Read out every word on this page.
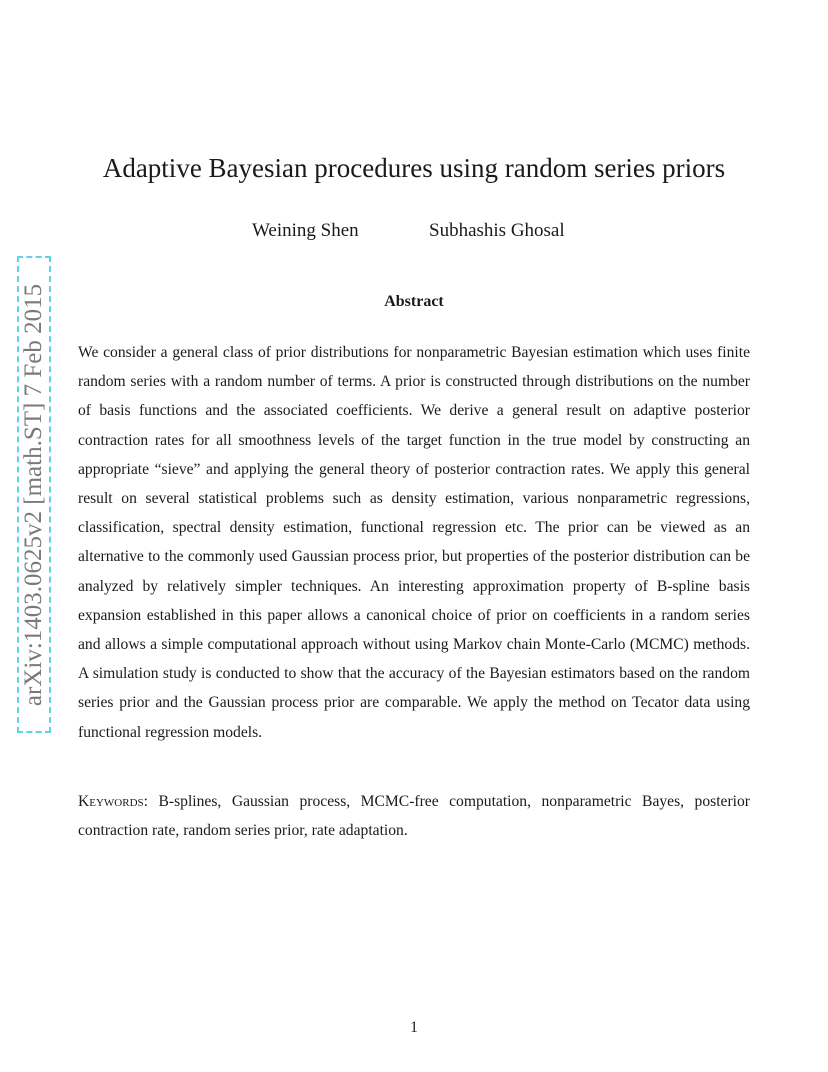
arXiv:1403.0625v2 [math.ST] 7 Feb 2015
Adaptive Bayesian procedures using random series priors
Weining Shen	Subhashis Ghosal
Abstract

We consider a general class of prior distributions for nonparametric Bayesian estimation which uses finite random series with a random number of terms. A prior is constructed through distributions on the number of basis functions and the associated coefficients. We derive a general result on adaptive posterior contraction rates for all smoothness levels of the target function in the true model by constructing an appropriate “sieve” and applying the general theory of posterior contraction rates. We apply this general result on several statistical problems such as density estimation, various nonparametric regressions, classification, spectral density estimation, functional regression etc. The prior can be viewed as an alternative to the commonly used Gaussian process prior, but properties of the posterior distribution can be analyzed by relatively simpler techniques. An interesting approximation property of B-spline basis expansion established in this paper allows a canonical choice of prior on coefficients in a random series and allows a simple computational approach without using Markov chain Monte-Carlo (MCMC) methods. A simulation study is conducted to show that the accuracy of the Bayesian estimators based on the random series prior and the Gaussian process prior are comparable. We apply the method on Tecator data using functional regression models.

Keywords: B-splines, Gaussian process, MCMC-free computation, nonparametric Bayes, posterior contraction rate, random series prior, rate adaptation.

1
